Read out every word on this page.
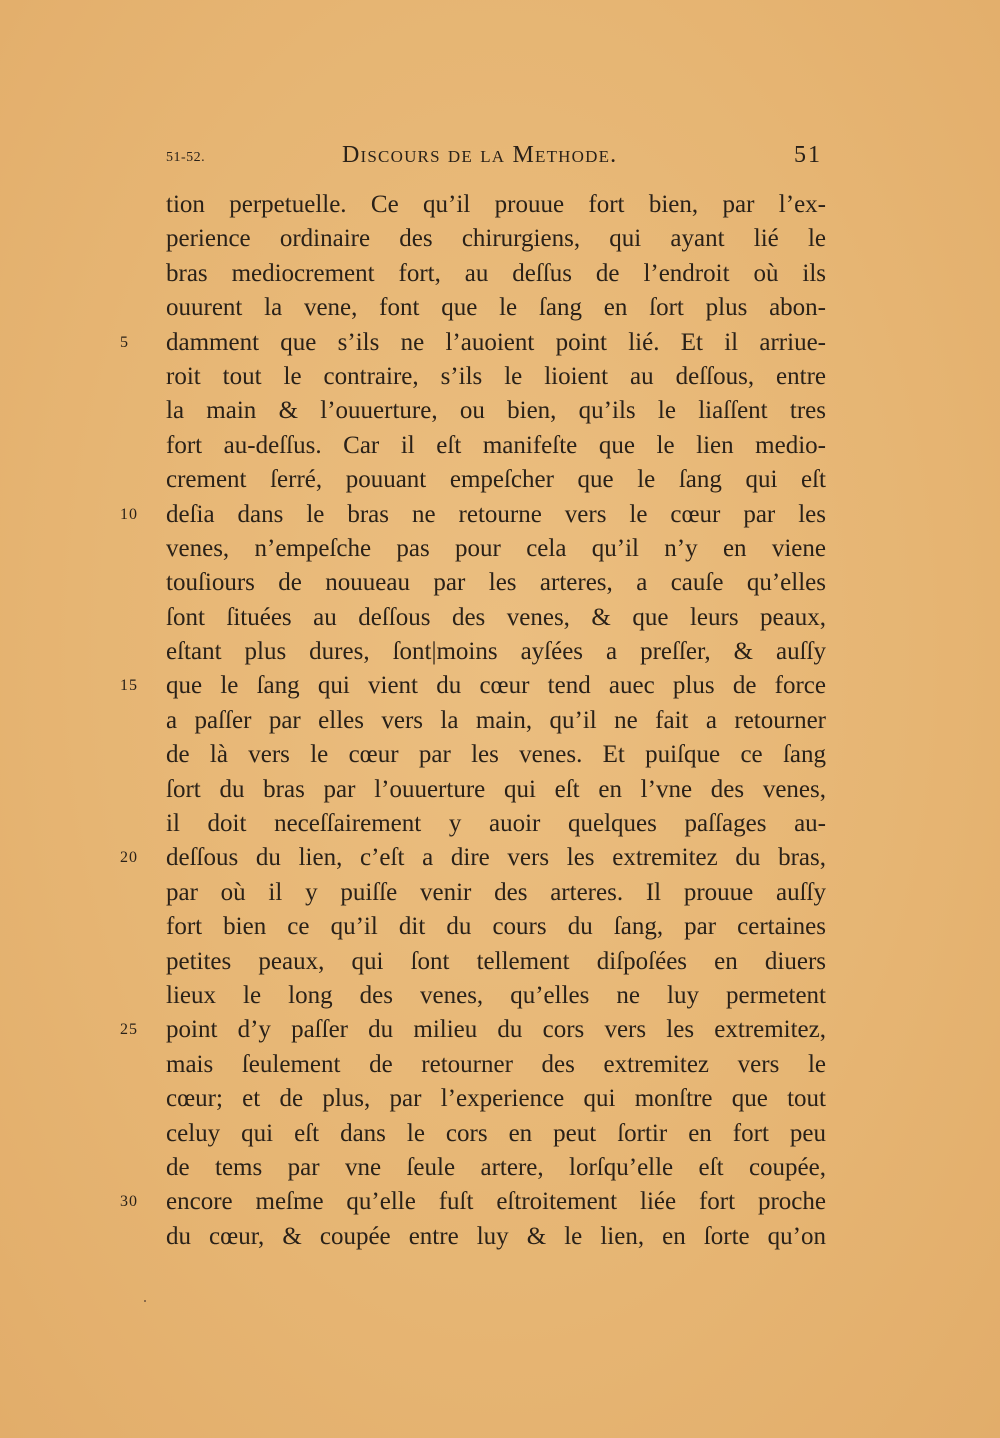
51-52.	Discours de la Methode.	51
tion perpetuelle. Ce qu’il prouue fort bien, par l’ex-
perience ordinaire des chirurgiens, qui ayant lié le
bras mediocrement fort, au deſſus de l’endroit où ils
ouurent la vene, font que le ſang en ſort plus abon-
5	damment que s’ils ne l’auoient point lié. Et il arriue-
roit tout le contraire, s’ils le lioient au deſſous, entre
la main & l’ouuerture, ou bien, qu’ils le liaſſent tres
fort au-deſſus. Car il eſt manifeſte que le lien medio-
crement ſerré, pouuant empeſcher que le ſang qui eſt
10	deſia dans le bras ne retourne vers le cœur par les
venes, n’empeſche pas pour cela qu’il n’y en viene
touſiours de nouueau par les arteres, a cauſe qu’elles
ſont ſituées au deſſous des venes, & que leurs peaux,
eſtant plus dures, ſont|moins ayſées a preſſer, & auſſy
15	que le ſang qui vient du cœur tend auec plus de force
a paſſer par elles vers la main, qu’il ne fait a retourner
de là vers le cœur par les venes. Et puiſque ce ſang
ſort du bras par l’ouuerture qui eſt en l’vne des venes,
il doit neceſſairement y auoir quelques paſſages au-
20	deſſous du lien, c’eſt a dire vers les extremitez du bras,
par où il y puiſſe venir des arteres. Il prouue auſſy
fort bien ce qu’il dit du cours du ſang, par certaines
petites peaux, qui ſont tellement diſpoſées en diuers
lieux le long des venes, qu’elles ne luy permetent
25	point d’y paſſer du milieu du cors vers les extremitez,
mais ſeulement de retourner des extremitez vers le
cœur; et de plus, par l’experience qui monſtre que tout
celuy qui eſt dans le cors en peut ſortir en fort peu
de tems par vne ſeule artere, lorſqu’elle eſt coupée,
30	encore meſme qu’elle fuſt eſtroitement liée fort proche
du cœur, & coupée entre luy & le lien, en ſorte qu’on
